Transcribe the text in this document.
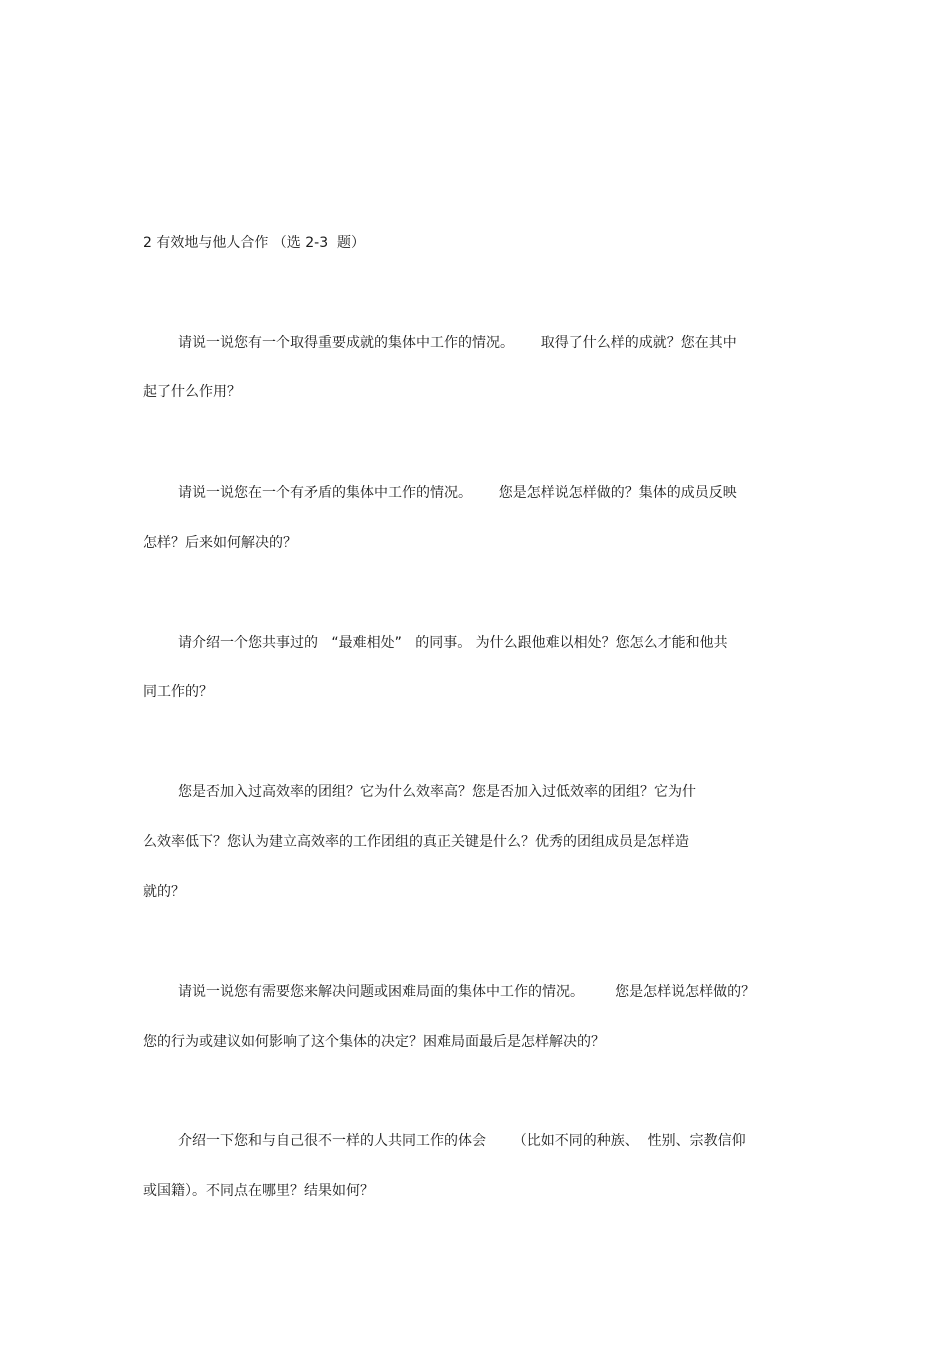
2 有效地与他人合作 （选 2-3  题）
请说一说您有一个取得重要成就的集体中工作的情况。      取得了什么样的成就？您在其中
起了什么作用？
请说一说您在一个有矛盾的集体中工作的情况。      您是怎样说怎样做的？集体的成员反映
怎样？后来如何解决的？
请介绍一个您共事过的   “最难相处”   的同事。 为什么跟他难以相处？您怎么才能和他共
同工作的？
您是否加入过高效率的团组？它为什么效率高？您是否加入过低效率的团组？它为什
么效率低下？您认为建立高效率的工作团组的真正关键是什么？优秀的团组成员是怎样造
就的？
请说一说您有需要您来解决问题或困难局面的集体中工作的情况。       您是怎样说怎样做的？
您的行为或建议如何影响了这个集体的决定？困难局面最后是怎样解决的？
介绍一下您和与自己很不一样的人共同工作的体会      （比如不同的种族、  性别、宗教信仰
或国籍）。不同点在哪里？结果如何？
